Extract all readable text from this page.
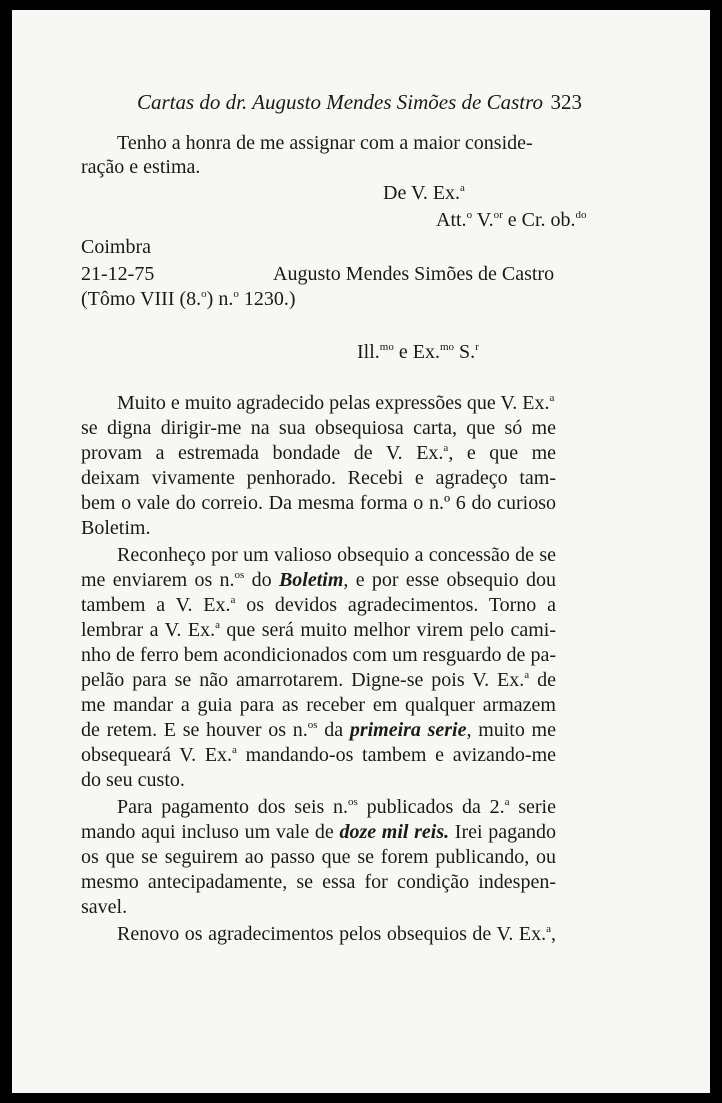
Cartas do dr. Augusto Mendes Simões de Castro 323
Tenho a honra de me assignar com a maior conside-
ração e estima.
De V. Ex.$^a$
Att.$^o$ V.$^{or}$ e Cr. ob.$^{do}$
Coimbra
21-12-75	Augusto Mendes Simões de Castro
(Tômo VIII (8.$^o$) n.$^o$ 1230.)
Ill.$^{mo}$ e Ex.$^{mo}$ S.$^r$
Muito e muito agradecido pelas expressões que V. Ex.$^a$
se digna dirigir-me na sua obsequiosa carta, que só me
provam a estremada bondade de V. Ex.$^a$, e que me
deixam vivamente penhorado. Recebi e agradeço tam-
bem o vale do correio. Da mesma forma o n.º 6 do curioso
Boletim.
Reconheço por um valioso obsequio a concessão de se
me enviarem os n.$^{os}$ do Boletim, e por esse obsequio dou
tambem a V. Ex.$^a$ os devidos agradecimentos. Torno a
lembrar a V. Ex.$^a$ que será muito melhor virem pelo cami-
nho de ferro bem acondicionados com um resguardo de pa-
pelão para se não amarrotarem. Digne-se pois V. Ex.$^a$ de
me mandar a guia para as receber em qualquer armazem
de retem. E se houver os n.$^{os}$ da primeira serie, muito me
obsequeará V. Ex.$^a$ mandando-os tambem e avizando-me
do seu custo.
Para pagamento dos seis n.$^{os}$ publicados da 2.$^a$ serie
mando aqui incluso um vale de doze mil reis. Irei pagando
os que se seguirem ao passo que se forem publicando, ou
mesmo antecipadamente, se essa for condição indespen-
savel.
Renovo os agradecimentos pelos obsequios de V. Ex.$^a$,
